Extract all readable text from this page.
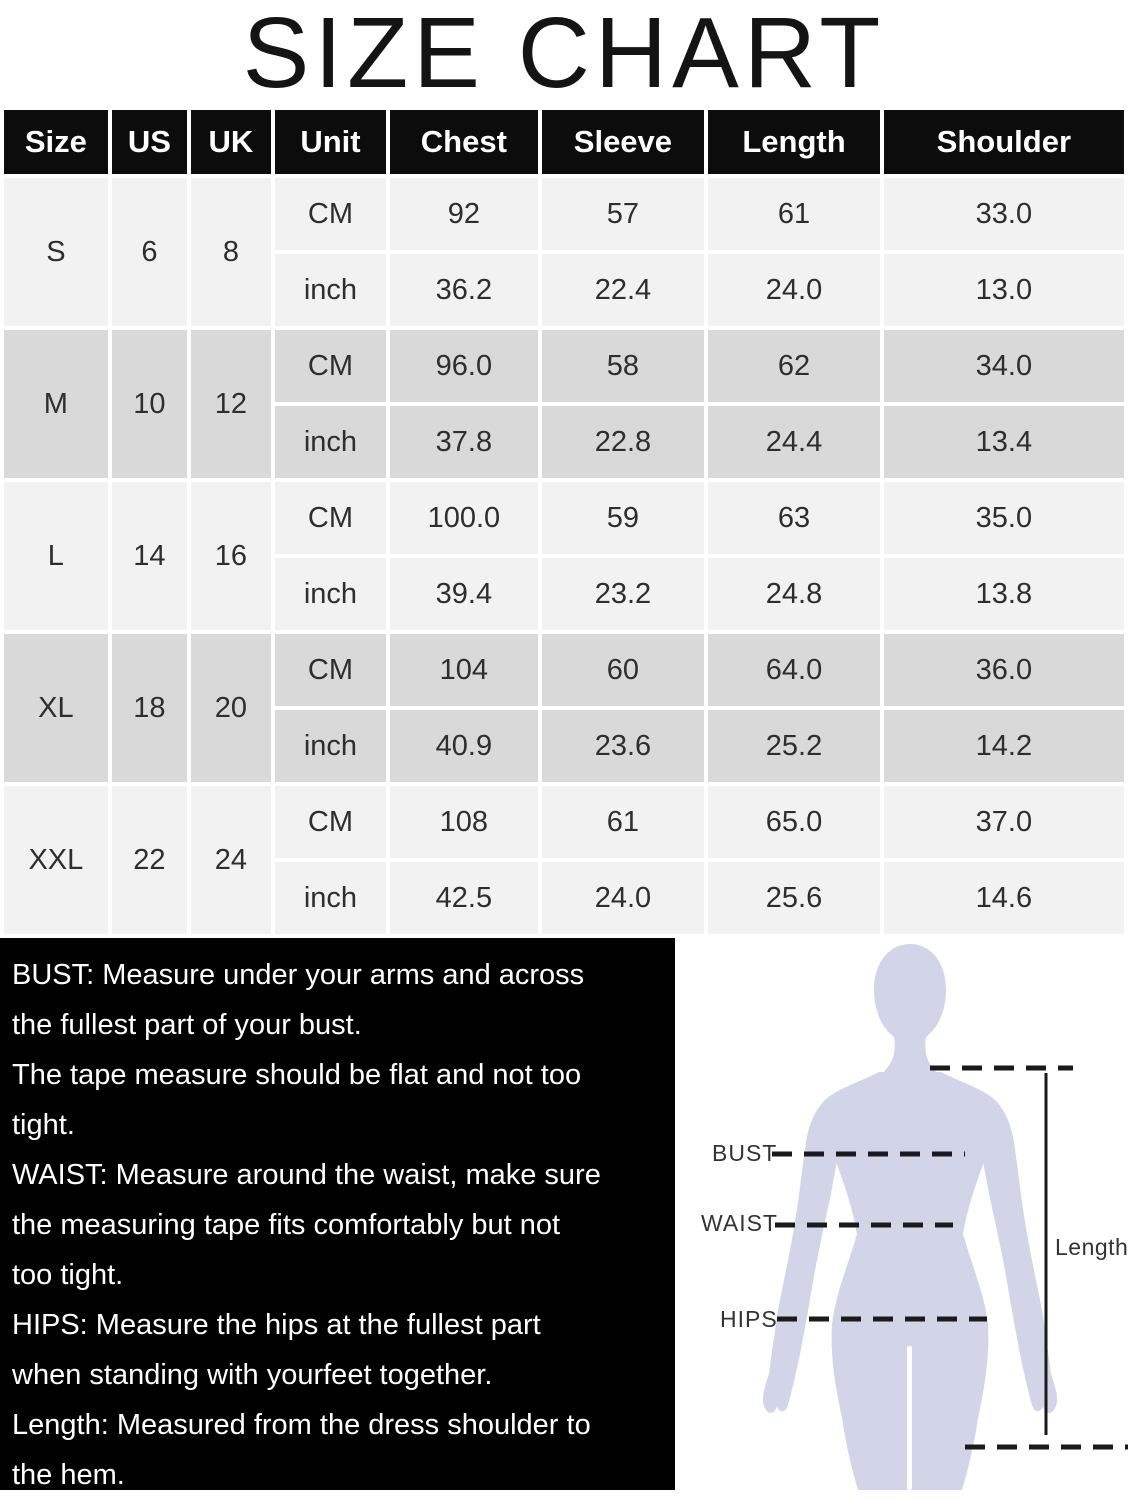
SIZE CHART
Size	US	UK	Unit	Chest	Sleeve	Length	Shoulder
S	6	8	CM	92	57	61	33.0
			inch	36.2	22.4	24.0	13.0
M	10	12	CM	96.0	58	62	34.0
			inch	37.8	22.8	24.4	13.4
L	14	16	CM	100.0	59	63	35.0
			inch	39.4	23.2	24.8	13.8
XL	18	20	CM	104	60	64.0	36.0
			inch	40.9	23.6	25.2	14.2
XXL	22	24	CM	108	61	65.0	37.0
			inch	42.5	24.0	25.6	14.6
BUST: Measure under your arms and across
the fullest part of your bust.
The tape measure should be flat and not too
tight.
WAIST: Measure around the waist, make sure
the measuring tape fits comfortably but not
too tight.
HIPS: Measure the hips at the fullest part
when standing with yourfeet together.
Length: Measured from the dress shoulder to
the hem.
BUST
WAIST
HIPS
Length
